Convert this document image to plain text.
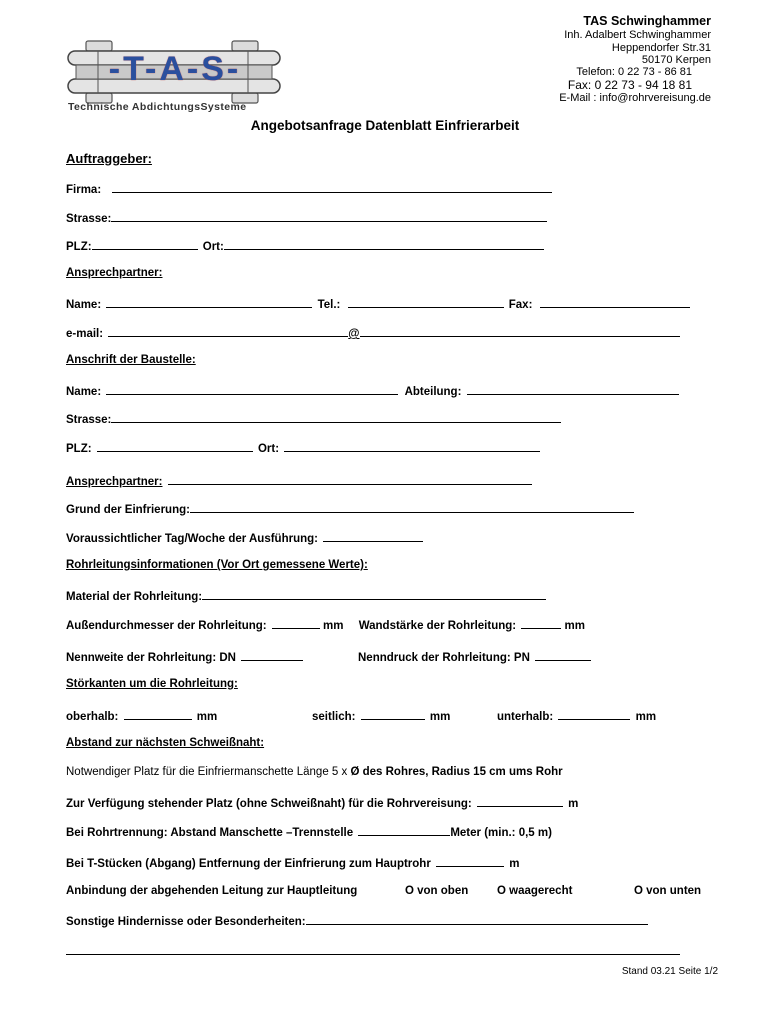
TAS Schwinghammer
Inh. Adalbert Schwinghammer
Heppendorfer Str.31
50170 Kerpen
Telefon: 0 22 73 - 86 81
Fax: 0 22 73 - 94 18 81
E-Mail : info@rohrvereisung.de
-T-A-S-
Technische AbdichtungsSysteme
Angebotsanfrage Datenblatt Einfrierarbeit
Auftraggeber:
Firma:
Strasse:
PLZ:	Ort:
Ansprechpartner:
Name:	Tel.:	Fax:
e-mail:	@
Anschrift der Baustelle:
Name:	Abteilung:
Strasse:
PLZ:	Ort:
Ansprechpartner:
Grund der Einfrierung:
Voraussichtlicher Tag/Woche der Ausführung:
Rohrleitungsinformationen (Vor Ort gemessene Werte):
Material der Rohrleitung:
Außendurchmesser der Rohrleitung:	mm Wandstärke der Rohrleitung:	mm
Nennweite der Rohrleitung: DN	Nenndruck der Rohrleitung: PN
Störkanten um die Rohrleitung:
oberhalb:	mm	seitlich:	mm	unterhalb:	mm
Abstand zur nächsten Schweißnaht:
Notwendiger Platz für die Einfriermanschette Länge 5 x Ø des Rohres, Radius 15 cm ums Rohr
Zur Verfügung stehender Platz (ohne Schweißnaht) für die Rohrvereisung:	m
Bei Rohrtrennung: Abstand Manschette –Trennstelle	Meter (min.: 0,5 m)
Bei T-Stücken (Abgang) Entfernung der Einfrierung zum Hauptrohr	m
Anbindung der abgehenden Leitung zur Hauptleitung	O von oben	O waagerecht	O von unten
Sonstige Hindernisse oder Besonderheiten:
Stand 03.21 Seite 1/2
